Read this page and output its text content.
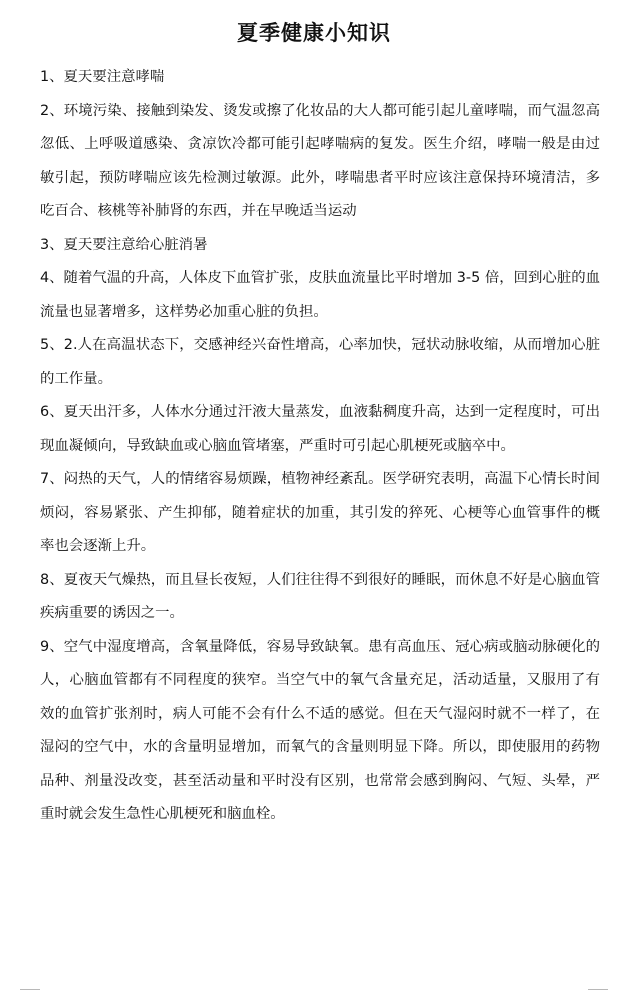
夏季健康小知识

1、夏天要注意哮喘

2、环境污染、接触到染发、烫发或擦了化妆品的大人都可能引起儿童哮喘，而气温忽高忽低、上呼吸道感染、贪凉饮冷都可能引起哮喘病的复发。医生介绍，哮喘一般是由过敏引起，预防哮喘应该先检测过敏源。此外，哮喘患者平时应该注意保持环境清洁，多吃百合、核桃等补肺肾的东西，并在早晚适当运动

3、夏天要注意给心脏消暑

4、随着气温的升高，人体皮下血管扩张，皮肤血流量比平时增加 3-5 倍，回到心脏的血流量也显著增多，这样势必加重心脏的负担。

5、2.人在高温状态下，交感神经兴奋性增高，心率加快，冠状动脉收缩，从而增加心脏的工作量。

6、夏天出汗多，人体水分通过汗液大量蒸发，血液黏稠度升高，达到一定程度时，可出现血凝倾向，导致缺血或心脑血管堵塞，严重时可引起心肌梗死或脑卒中。

7、闷热的天气，人的情绪容易烦躁，植物神经紊乱。医学研究表明，高温下心情长时间烦闷，容易紧张、产生抑郁，随着症状的加重，其引发的猝死、心梗等心血管事件的概率也会逐渐上升。

8、夏夜天气燥热，而且昼长夜短，人们往往得不到很好的睡眠，而休息不好是心脑血管疾病重要的诱因之一。

9、空气中湿度增高，含氧量降低，容易导致缺氧。患有高血压、冠心病或脑动脉硬化的人，心脑血管都有不同程度的狭窄。当空气中的氧气含量充足，活动适量，又服用了有效的血管扩张剂时，病人可能不会有什么不适的感觉。但在天气湿闷时就不一样了，在湿闷的空气中，水的含量明显增加，而氧气的含量则明显下降。所以，即使服用的药物品种、剂量没改变，甚至活动量和平时没有区别，也常常会感到胸闷、气短、头晕，严重时就会发生急性心肌梗死和脑血栓。
